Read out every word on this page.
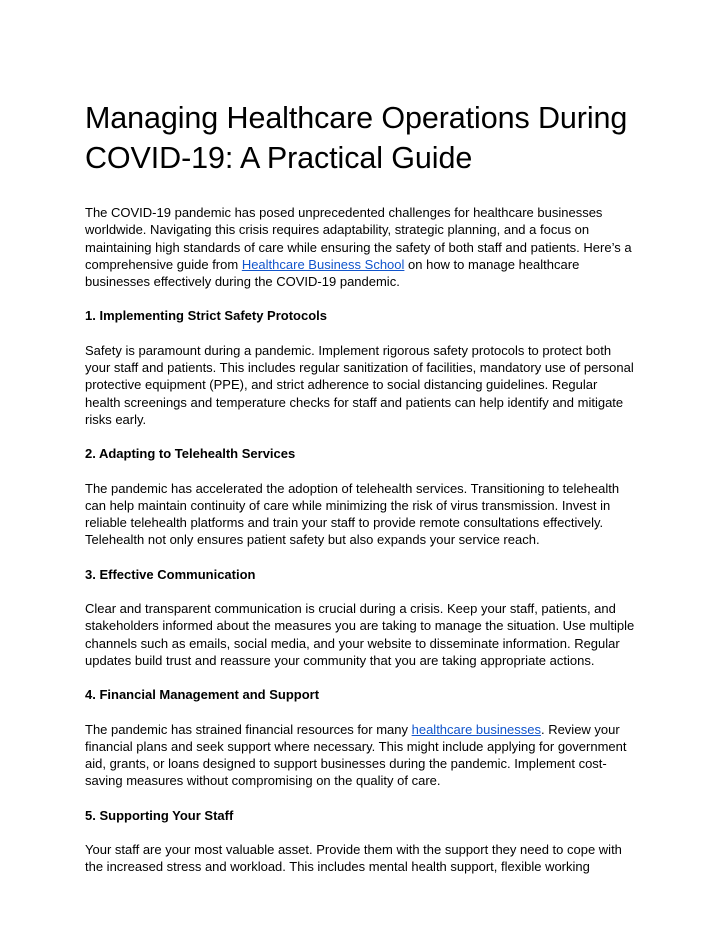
Managing Healthcare Operations During COVID-19: A Practical Guide

The COVID-19 pandemic has posed unprecedented challenges for healthcare businesses worldwide. Navigating this crisis requires adaptability, strategic planning, and a focus on maintaining high standards of care while ensuring the safety of both staff and patients. Here’s a comprehensive guide from Healthcare Business School on how to manage healthcare businesses effectively during the COVID-19 pandemic.

1. Implementing Strict Safety Protocols

Safety is paramount during a pandemic. Implement rigorous safety protocols to protect both your staff and patients. This includes regular sanitization of facilities, mandatory use of personal protective equipment (PPE), and strict adherence to social distancing guidelines. Regular health screenings and temperature checks for staff and patients can help identify and mitigate risks early.

2. Adapting to Telehealth Services

The pandemic has accelerated the adoption of telehealth services. Transitioning to telehealth can help maintain continuity of care while minimizing the risk of virus transmission. Invest in reliable telehealth platforms and train your staff to provide remote consultations effectively. Telehealth not only ensures patient safety but also expands your service reach.

3. Effective Communication

Clear and transparent communication is crucial during a crisis. Keep your staff, patients, and stakeholders informed about the measures you are taking to manage the situation. Use multiple channels such as emails, social media, and your website to disseminate information. Regular updates build trust and reassure your community that you are taking appropriate actions.

4. Financial Management and Support

The pandemic has strained financial resources for many healthcare businesses. Review your financial plans and seek support where necessary. This might include applying for government aid, grants, or loans designed to support businesses during the pandemic. Implement cost-saving measures without compromising on the quality of care.

5. Supporting Your Staff

Your staff are your most valuable asset. Provide them with the support they need to cope with the increased stress and workload. This includes mental health support, flexible working
